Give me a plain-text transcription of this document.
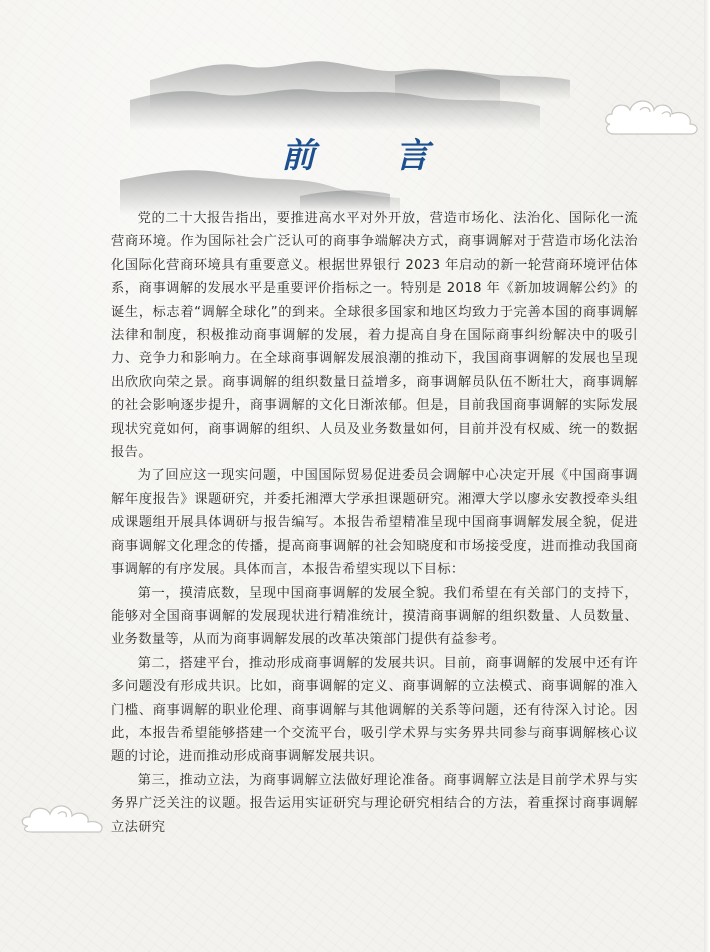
前 言

党的二十大报告指出，要推进高水平对外开放，营造市场化、法治化、国际化一流营商环境。作为国际社会广泛认可的商事争端解决方式，商事调解对于营造市场化法治化国际化营商环境具有重要意义。根据世界银行 2023 年启动的新一轮营商环境评估体系，商事调解的发展水平是重要评价指标之一。特别是 2018 年《新加坡调解公约》的诞生，标志着“调解全球化”的到来。全球很多国家和地区均致力于完善本国的商事调解法律和制度，积极推动商事调解的发展，着力提高自身在国际商事纠纷解决中的吸引力、竞争力和影响力。在全球商事调解发展浪潮的推动下，我国商事调解的发展也呈现出欣欣向荣之景。商事调解的组织数量日益增多，商事调解员队伍不断壮大，商事调解的社会影响逐步提升，商事调解的文化日渐浓郁。但是，目前我国商事调解的实际发展现状究竟如何，商事调解的组织、人员及业务数量如何，目前并没有权威、统一的数据报告。

为了回应这一现实问题，中国国际贸易促进委员会调解中心决定开展《中国商事调解年度报告》课题研究，并委托湘潭大学承担课题研究。湘潭大学以廖永安教授牵头组成课题组开展具体调研与报告编写。本报告希望精准呈现中国商事调解发展全貌，促进商事调解文化理念的传播，提高商事调解的社会知晓度和市场接受度，进而推动我国商事调解的有序发展。具体而言，本报告希望实现以下目标：

第一，摸清底数，呈现中国商事调解的发展全貌。我们希望在有关部门的支持下，能够对全国商事调解的发展现状进行精准统计，摸清商事调解的组织数量、人员数量、业务数量等，从而为商事调解发展的改革决策部门提供有益参考。

第二，搭建平台，推动形成商事调解的发展共识。目前，商事调解的发展中还有许多问题没有形成共识。比如，商事调解的定义、商事调解的立法模式、商事调解的准入门槛、商事调解的职业伦理、商事调解与其他调解的关系等问题，还有待深入讨论。因此，本报告希望能够搭建一个交流平台，吸引学术界与实务界共同参与商事调解核心议题的讨论，进而推动形成商事调解发展共识。

第三，推动立法，为商事调解立法做好理论准备。商事调解立法是目前学术界与实务界广泛关注的议题。报告运用实证研究与理论研究相结合的方法，着重探讨商事调解立法研究
